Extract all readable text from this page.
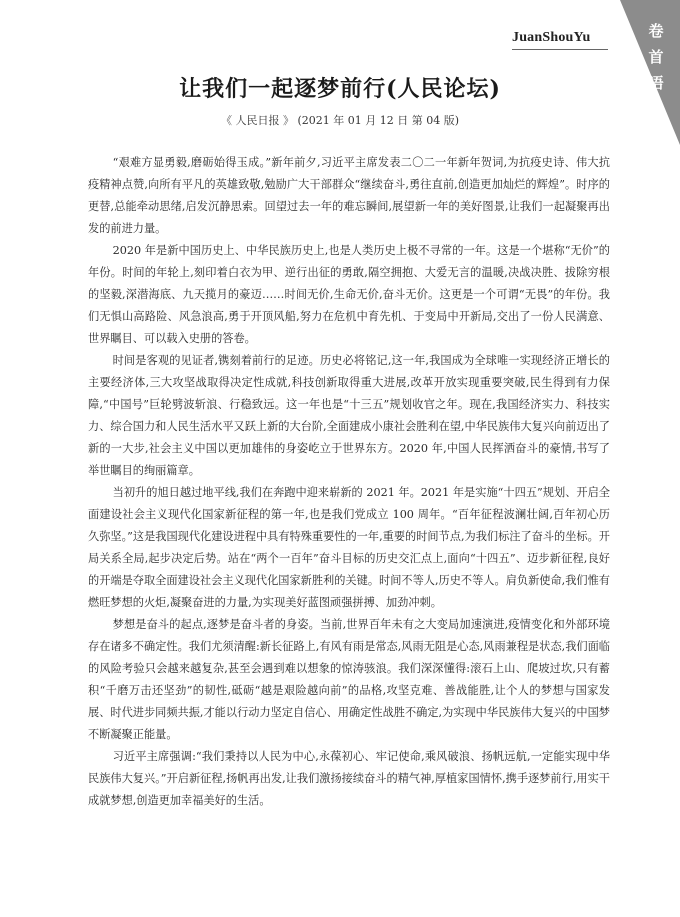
卷首语
JuanShouYu
让我们一起逐梦前行(人民论坛)
《 人民日报 》 (2021 年 01 月 12 日 第 04 版)

“艰难方显勇毅,磨砺始得玉成。”新年前夕,习近平主席发表二〇二一年新年贺词,为抗疫史诗、伟大抗疫精神点赞,向所有平凡的英雄致敬,勉励广大干部群众“继续奋斗,勇往直前,创造更加灿烂的辉煌”。时序的更替,总能牵动思绪,启发沉静思索。回望过去一年的难忘瞬间,展望新一年的美好图景,让我们一起凝聚再出发的前进力量。

2020 年是新中国历史上、中华民族历史上,也是人类历史上极不寻常的一年。这是一个堪称“无价”的年份。时间的年轮上,刻印着白衣为甲、逆行出征的勇敢,隔空拥抱、大爱无言的温暖,决战决胜、拔除穷根的坚毅,深潜海底、九天揽月的豪迈……时间无价,生命无价,奋斗无价。这更是一个可谓“无畏”的年份。我们无惧山高路险、风急浪高,勇于开顶风船,努力在危机中育先机、于变局中开新局,交出了一份人民满意、世界瞩目、可以载入史册的答卷。

时间是客观的见证者,镌刻着前行的足迹。历史必将铭记,这一年,我国成为全球唯一实现经济正增长的主要经济体,三大攻坚战取得决定性成就,科技创新取得重大进展,改革开放实现重要突破,民生得到有力保障,“中国号”巨轮劈波斩浪、行稳致远。这一年也是“十三五”规划收官之年。现在,我国经济实力、科技实力、综合国力和人民生活水平又跃上新的大台阶,全面建成小康社会胜利在望,中华民族伟大复兴向前迈出了新的一大步,社会主义中国以更加雄伟的身姿屹立于世界东方。2020 年,中国人民挥洒奋斗的豪情,书写了举世瞩目的绚丽篇章。

当初升的旭日越过地平线,我们在奔跑中迎来崭新的 2021 年。2021 年是实施“十四五”规划、开启全面建设社会主义现代化国家新征程的第一年,也是我们党成立 100 周年。“百年征程波澜壮阔,百年初心历久弥坚。”这是我国现代化建设进程中具有特殊重要性的一年,重要的时间节点,为我们标注了奋斗的坐标。开局关系全局,起步决定后势。站在“两个一百年”奋斗目标的历史交汇点上,面向“十四五”、迈步新征程,良好的开端是夺取全面建设社会主义现代化国家新胜利的关键。时间不等人,历史不等人。肩负新使命,我们惟有燃旺梦想的火炬,凝聚奋进的力量,为实现美好蓝图顽强拼搏、加劲冲刺。

梦想是奋斗的起点,逐梦是奋斗者的身姿。当前,世界百年未有之大变局加速演进,疫情变化和外部环境存在诸多不确定性。我们尤须清醒:新长征路上,有风有雨是常态,风雨无阻是心态,风雨兼程是状态,我们面临的风险考验只会越来越复杂,甚至会遇到难以想象的惊涛骇浪。我们深深懂得:滚石上山、爬坡过坎,只有蓄积“千磨万击还坚劲”的韧性,砥砺“越是艰险越向前”的品格,攻坚克难、善战能胜,让个人的梦想与国家发展、时代进步同频共振,才能以行动力坚定自信心、用确定性战胜不确定,为实现中华民族伟大复兴的中国梦不断凝聚正能量。

习近平主席强调:“我们秉持以人民为中心,永葆初心、牢记使命,乘风破浪、扬帆远航,一定能实现中华民族伟大复兴。”开启新征程,扬帆再出发,让我们激扬接续奋斗的精气神,厚植家国情怀,携手逐梦前行,用实干成就梦想,创造更加幸福美好的生活。
